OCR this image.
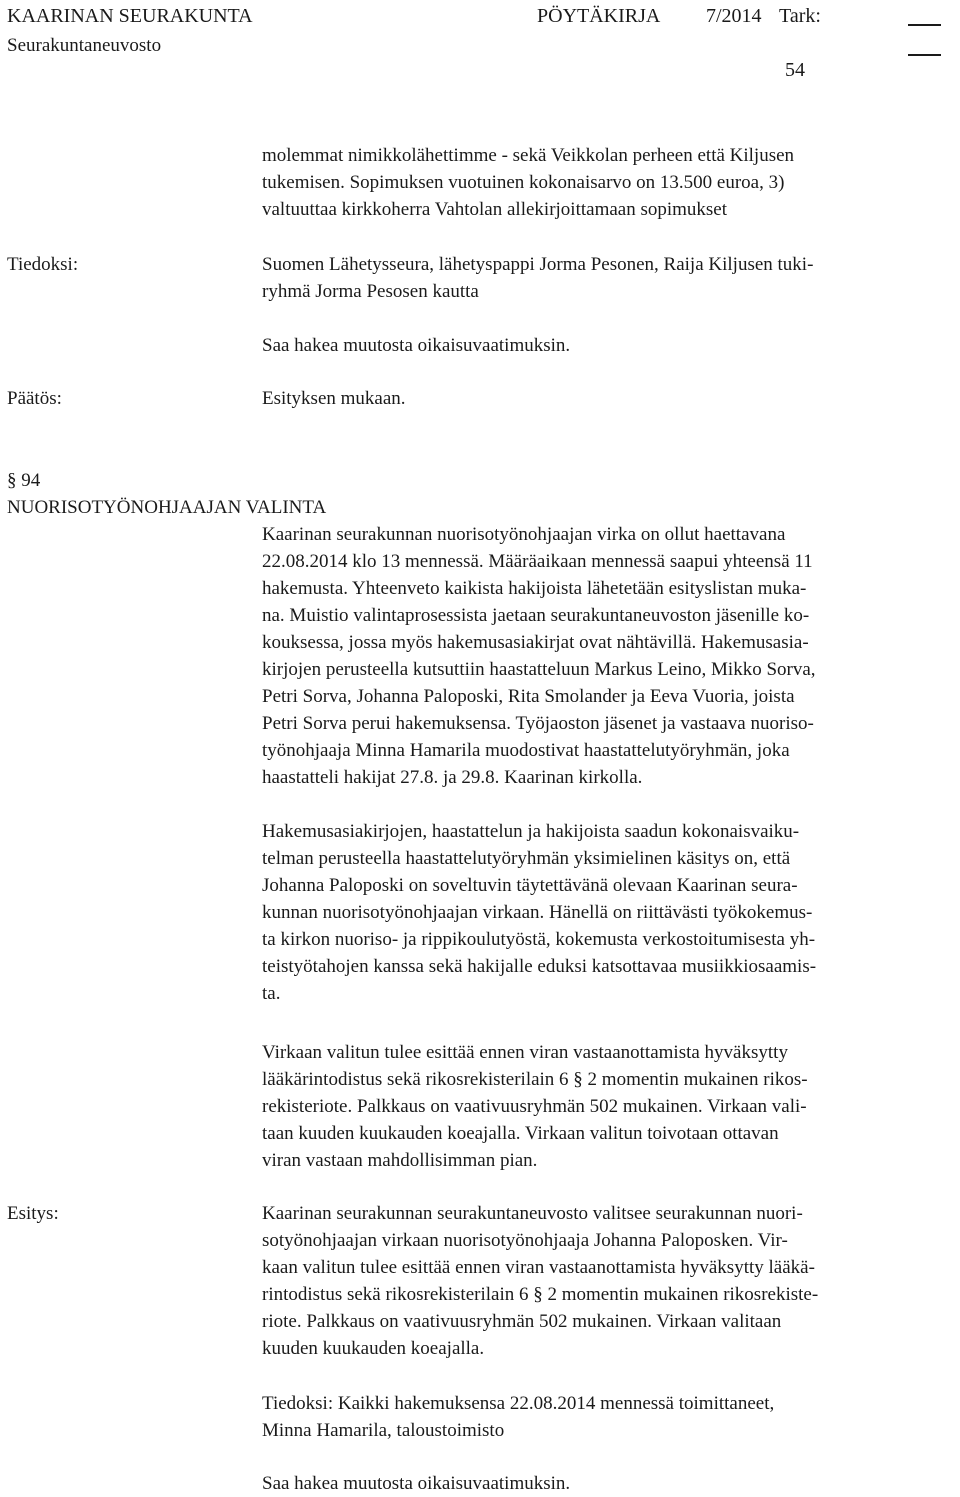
KAARINAN SEURAKUNTA	PÖYTÄKIRJA 7/2014 Tark:
Seurakuntaneuvosto
54
molemmat nimikkolähettimme - sekä Veikkolan perheen että Kiljusen
tukemisen. Sopimuksen vuotuinen kokonaisarvo on 13.500 euroa, 3)
valtuuttaa kirkkoherra Vahtolan allekirjoittamaan sopimukset
Tiedoksi:	Suomen Lähetysseura, lähetyspappi Jorma Pesonen, Raija Kiljusen tuki-
ryhmä Jorma Pesosen kautta
Saa hakea muutosta oikaisuvaatimuksin.
Päätös:	Esityksen mukaan.
§ 94
NUORISOTYÖNOHJAAJAN VALINTA
Kaarinan seurakunnan nuorisotyönohjaajan virka on ollut haettavana
22.08.2014 klo 13 mennessä. Määräaikaan mennessä saapui yhteensä 11
hakemusta. Yhteenveto kaikista hakijoista lähetetään esityslistan muka-
na. Muistio valintaprosessista jaetaan seurakuntaneuvoston jäsenille ko-
kouksessa, jossa myös hakemusasiakirjat ovat nähtävillä. Hakemusasia-
kirjojen perusteella kutsuttiin haastatteluun Markus Leino, Mikko Sorva,
Petri Sorva, Johanna Paloposki, Rita Smolander ja Eeva Vuoria, joista
Petri Sorva perui hakemuksensa. Työjaoston jäsenet ja vastaava nuoriso-
työnohjaaja Minna Hamarila muodostivat haastattelutyöryhmän, joka
haastatteli hakijat 27.8. ja 29.8. Kaarinan kirkolla.
Hakemusasiakirjojen, haastattelun ja hakijoista saadun kokonaisvaiku-
telman perusteella haastattelutyöryhmän yksimielinen käsitys on, että
Johanna Paloposki on soveltuvin täytettävänä olevaan Kaarinan seura-
kunnan nuorisotyönohjaajan virkaan. Hänellä on riittävästi työkokemus-
ta kirkon nuoriso- ja rippikoulutyöstä, kokemusta verkostoitumisesta yh-
teistyötahojen kanssa sekä hakijalle eduksi katsottavaa musiikkiosaamis-
ta.
Virkaan valitun tulee esittää ennen viran vastaanottamista hyväksytty
lääkärintodistus sekä rikosrekisterilain 6 § 2 momentin mukainen rikos-
rekisteriote. Palkkaus on vaativuusryhmän 502 mukainen. Virkaan vali-
taan kuuden kuukauden koeajalla. Virkaan valitun toivotaan ottavan
viran vastaan mahdollisimman pian.
Esitys:	Kaarinan seurakunnan seurakuntaneuvosto valitsee seurakunnan nuori-
sotyönohjaajan virkaan nuorisotyönohjaaja Johanna Paloposken. Vir-
kaan valitun tulee esittää ennen viran vastaanottamista hyväksytty lääkä-
rintodistus sekä rikosrekisterilain 6 § 2 momentin mukainen rikosrekiste-
riote. Palkkaus on vaativuusryhmän 502 mukainen. Virkaan valitaan
kuuden kuukauden koeajalla.
Tiedoksi: Kaikki hakemuksensa 22.08.2014 mennessä toimittaneet,
Minna Hamarila, taloustoimisto
Saa hakea muutosta oikaisuvaatimuksin.
